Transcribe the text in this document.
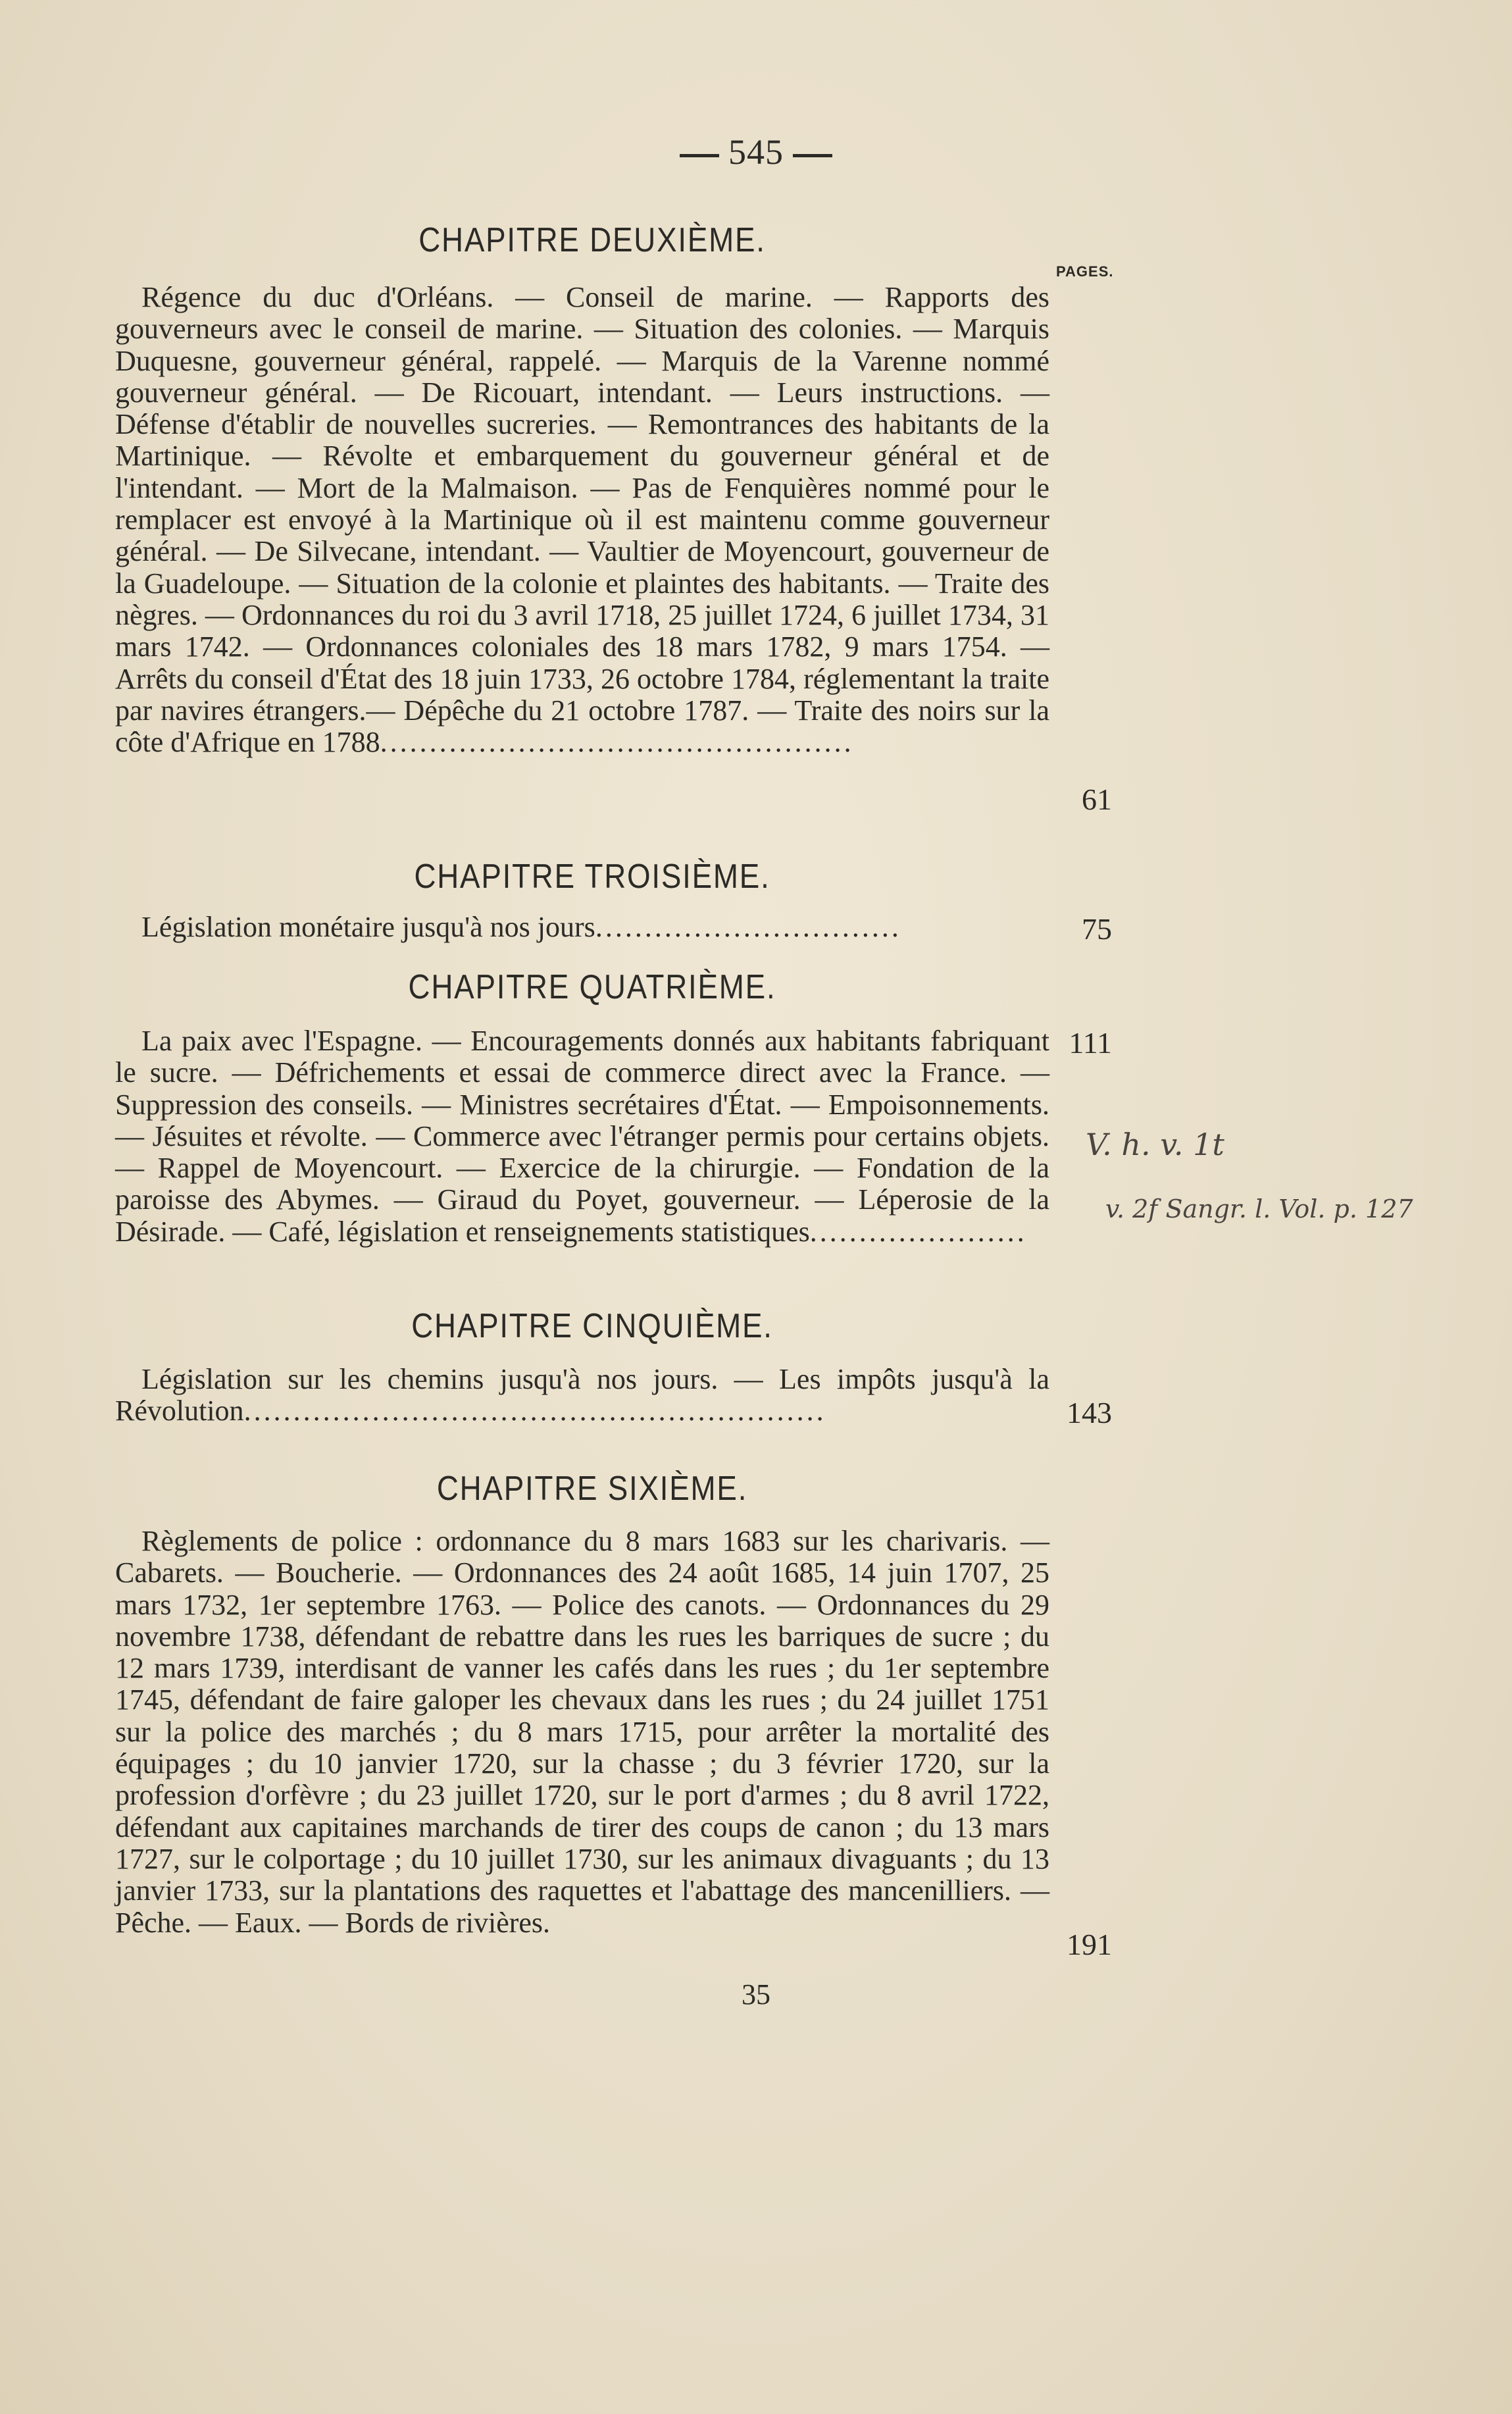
545
CHAPITRE DEUXIÈME.
PAGES.
Régence du duc d'Orléans. — Conseil de marine. — Rapports des gouverneurs avec le conseil de marine. — Situation des colonies. — Marquis Duquesne, gouverneur général, rappelé. — Marquis de la Varenne nommé gouverneur général. — De Ricouart, intendant. — Leurs instructions. — Défense d'établir de nouvelles sucreries. — Remontrances des habitants de la Martinique. — Révolte et embarquement du gouverneur général et de l'intendant. — Mort de la Malmaison. — Pas de Fenquières nommé pour le remplacer est envoyé à la Martinique où il est maintenu comme gouverneur général. — De Silvecane, intendant. — Vaultier de Moyencourt, gouverneur de la Guadeloupe. — Situation de la colonie et plaintes des habitants. — Traite des nègres. — Ordonnances du roi du 3 avril 1718, 25 juillet 1724, 6 juillet 1734, 31 mars 1742. — Ordonnances coloniales des 18 mars 1782, 9 mars 1754. — Arrêts du conseil d'État des 18 juin 1733, 26 octobre 1784, réglementant la traite par navires étrangers.— Dépêche du 21 octobre 1787. — Traite des noirs sur la côte d'Afrique en 1788................................................
61
CHAPITRE TROISIÈME.
Législation monétaire jusqu'à nos jours...............................	75
CHAPITRE QUATRIÈME.
La paix avec l'Espagne. — Encouragements donnés aux habitants fabriquant le sucre. — Défrichements et essai de commerce direct avec la France. — Suppression des conseils. — Ministres secrétaires d'État. — Empoisonnements. — Jésuites et révolte. — Commerce avec l'étranger permis pour certains objets. — Rappel de Moyencourt. — Exercice de la chirurgie. — Fondation de la paroisse des Abymes. — Giraud du Poyet, gouverneur. — Léperosie de la Désirade. — Café, législation et renseignements statistiques......................
111
CHAPITRE CINQUIÈME.
Législation sur les chemins jusqu'à nos jours. — Les impôts jusqu'à la Révolution...........................................................	143
CHAPITRE SIXIÈME.
Règlements de police : ordonnance du 8 mars 1683 sur les charivaris. — Cabarets. — Boucherie. — Ordonnances des 24 août 1685, 14 juin 1707, 25 mars 1732, 1er septembre 1763. — Police des canots. — Ordonnances du 29 novembre 1738, défendant de rebattre dans les rues les barriques de sucre ; du 12 mars 1739, interdisant de vanner les cafés dans les rues ; du 1er septembre 1745, défendant de faire galoper les chevaux dans les rues ; du 24 juillet 1751 sur la police des marchés ; du 8 mars 1715, pour arrêter la mortalité des équipages ; du 10 janvier 1720, sur la chasse ; du 3 février 1720, sur la profession d'orfèvre ; du 23 juillet 1720, sur le port d'armes ; du 8 avril 1722, défendant aux capitaines marchands de tirer des coups de canon ; du 13 mars 1727, sur le colportage ; du 10 juillet 1730, sur les animaux divaguants ; du 13 janvier 1733, sur la plantations des raquettes et l'abattage des mancenilliers. — Pêche. — Eaux. — Bords de rivières.
191
V. h. v. 1t
v. 2f Sangr. l. Vol. p. 127
35
